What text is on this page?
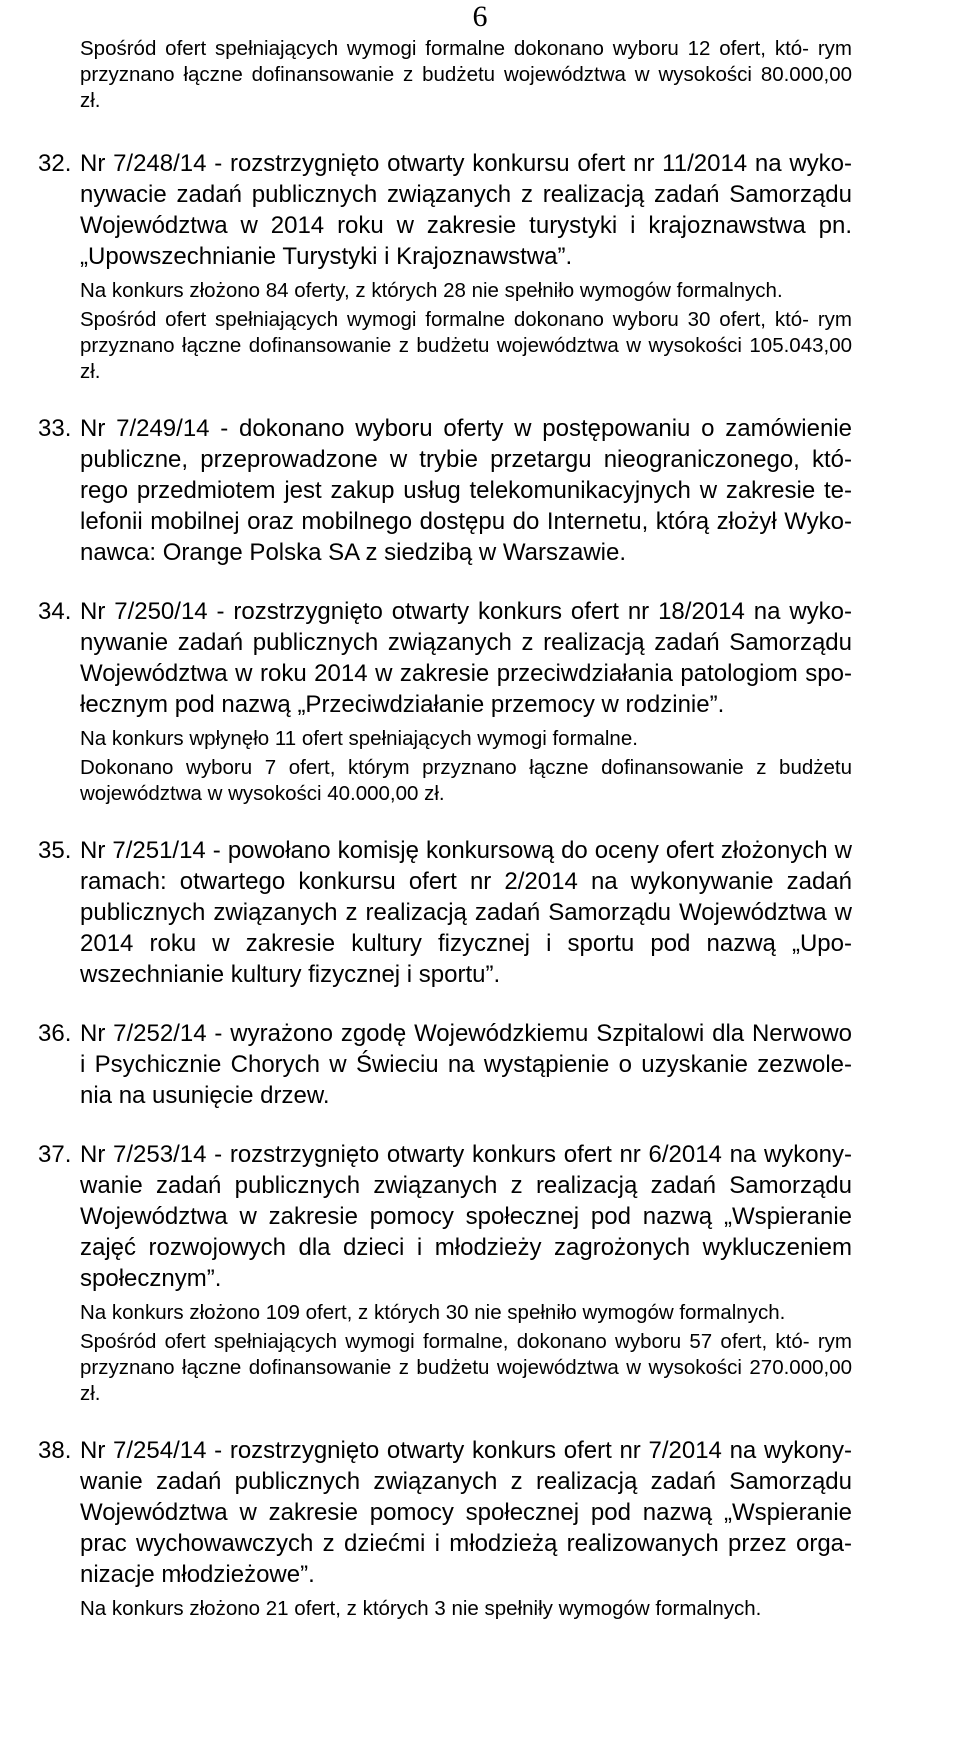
6

Spośród ofert spełniających wymogi formalne dokonano wyboru 12 ofert, któ- rym przyznano łączne dofinansowanie z budżetu województwa w wysokości 80.000,00 zł.

32. Nr 7/248/14 - rozstrzygnięto otwarty konkursu ofert nr 11/2014 na wyko- nywacie zadań publicznych związanych z realizacją zadań Samorządu Województwa w 2014 roku w zakresie turystyki i krajoznawstwa pn. „Upowszechnianie Turystyki i Krajoznawstwa”.

Na konkurs złożono 84 oferty, z których 28 nie spełniło wymogów formalnych.

Spośród ofert spełniających wymogi formalne dokonano wyboru 30 ofert, któ- rym przyznano łączne dofinansowanie z budżetu województwa w wysokości 105.043,00 zł.

33. Nr 7/249/14 - dokonano wyboru oferty w postępowaniu o zamówienie publiczne, przeprowadzone w trybie przetargu nieograniczonego, któ- rego przedmiotem jest zakup usług telekomunikacyjnych w zakresie te- lefonii mobilnej oraz mobilnego dostępu do Internetu, którą złożył Wyko- nawca: Orange Polska SA z siedzibą w Warszawie.

34. Nr 7/250/14 - rozstrzygnięto otwarty konkurs ofert nr 18/2014 na wyko- nywanie zadań publicznych związanych z realizacją zadań Samorządu Województwa w roku 2014 w zakresie przeciwdziałania patologiom spo- łecznym pod nazwą „Przeciwdziałanie przemocy w rodzinie”.

Na konkurs wpłynęło 11 ofert spełniających wymogi formalne.

Dokonano wyboru 7 ofert, którym przyznano łączne dofinansowanie z budżetu województwa w wysokości 40.000,00 zł.

35. Nr 7/251/14 - powołano komisję konkursową do oceny ofert złożonych w ramach: otwartego konkursu ofert nr 2/2014 na wykonywanie zadań publicznych związanych z realizacją zadań Samorządu Województwa w 2014 roku w zakresie kultury fizycznej i sportu pod nazwą „Upo- wszechnianie kultury fizycznej i sportu”.

36. Nr 7/252/14 - wyrażono zgodę Wojewódzkiemu Szpitalowi dla Nerwowo i Psychicznie Chorych w Świeciu na wystąpienie o uzyskanie zezwole- nia na usunięcie drzew.

37. Nr 7/253/14 - rozstrzygnięto otwarty konkurs ofert nr 6/2014 na wykony- wanie zadań publicznych związanych z realizacją zadań Samorządu Województwa w zakresie pomocy społecznej pod nazwą „Wspieranie zajęć rozwojowych dla dzieci i młodzieży zagrożonych wykluczeniem społecznym”.

Na konkurs złożono 109 ofert, z których 30 nie spełniło wymogów formalnych.

Spośród ofert spełniających wymogi formalne, dokonano wyboru 57 ofert, któ- rym przyznano łączne dofinansowanie z budżetu województwa w wysokości 270.000,00 zł.

38. Nr 7/254/14 - rozstrzygnięto otwarty konkurs ofert nr 7/2014 na wykony- wanie zadań publicznych związanych z realizacją zadań Samorządu Województwa w zakresie pomocy społecznej pod nazwą „Wspieranie prac wychowawczych z dziećmi i młodzieżą realizowanych przez orga- nizacje młodzieżowe”.

Na konkurs złożono 21 ofert, z których 3 nie spełniły wymogów formalnych.
